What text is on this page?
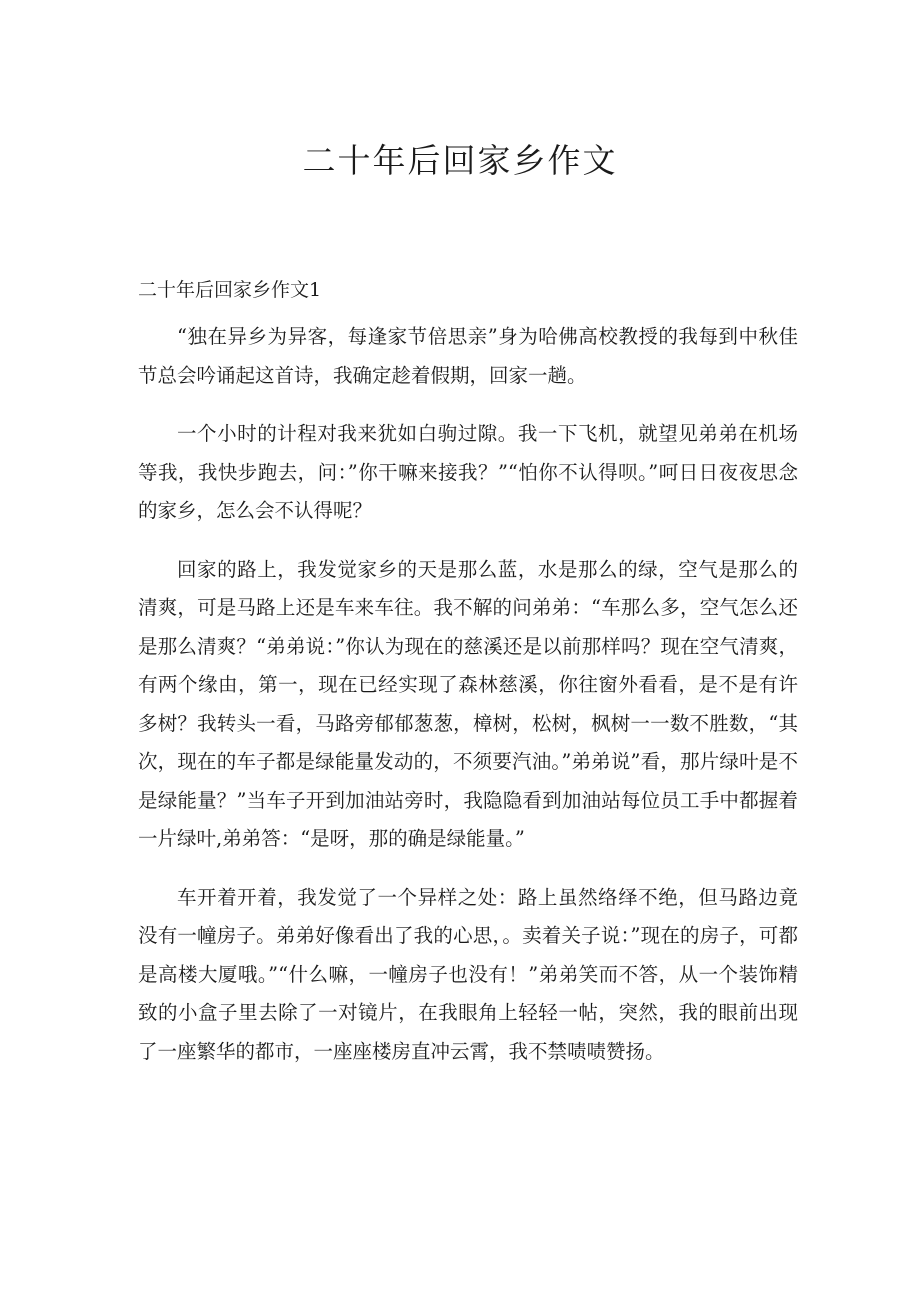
二十年后回家乡作文
二十年后回家乡作文1

“独在异乡为异客，每逢家节倍思亲”身为哈佛高校教授的我每到中秋佳节总会吟诵起这首诗，我确定趁着假期，回家一趟。

一个小时的计程对我来犹如白驹过隙。我一下飞机，就望见弟弟在机场等我，我快步跑去，问：”你干嘛来接我？”“怕你不认得呗。”呵日日夜夜思念的家乡，怎么会不认得呢？

回家的路上，我发觉家乡的天是那么蓝，水是那么的绿，空气是那么的清爽，可是马路上还是车来车往。我不解的问弟弟：“车那么多，空气怎么还是那么清爽？“弟弟说：”你认为现在的慈溪还是以前那样吗？现在空气清爽，有两个缘由，第一，现在已经实现了森林慈溪，你往窗外看看，是不是有许多树？我转头一看，马路旁郁郁葱葱，樟树，松树，枫树一一数不胜数，“其次，现在的车子都是绿能量发动的，不须要汽油。”弟弟说”看，那片绿叶是不是绿能量？”当车子开到加油站旁时，我隐隐看到加油站每位员工手中都握着一片绿叶,弟弟答：“是呀，那的确是绿能量。”

车开着开着，我发觉了一个异样之处：路上虽然络绎不绝，但马路边竟没有一幢房子。弟弟好像看出了我的心思，。卖着关子说：”现在的房子，可都是高楼大厦哦。”“什么嘛，一幢房子也没有！”弟弟笑而不答，从一个装饰精致的小盒子里去除了一对镜片，在我眼角上轻轻一帖，突然，我的眼前出现了一座繁华的都市，一座座楼房直冲云霄，我不禁啧啧赞扬。
